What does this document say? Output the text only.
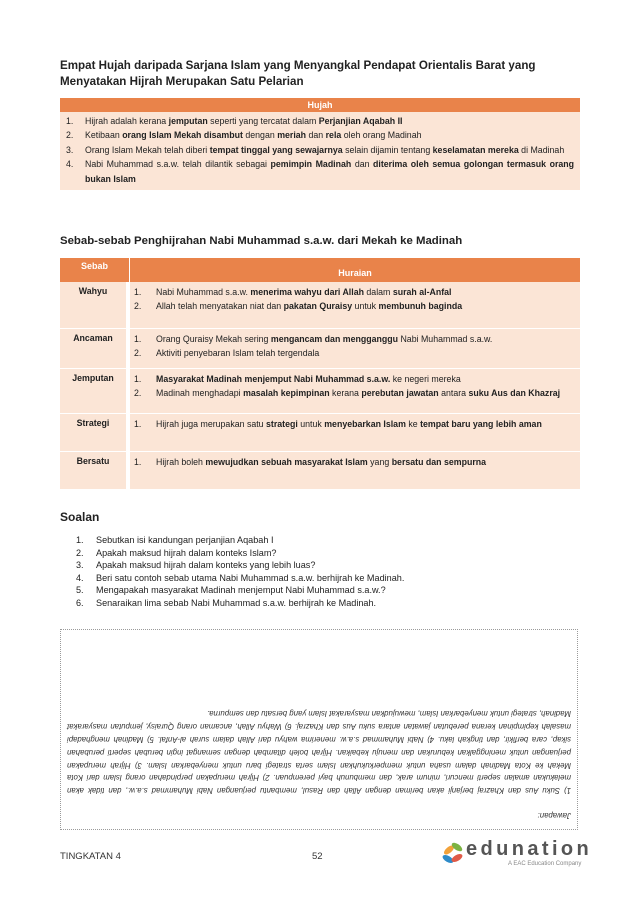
Empat Hujah daripada Sarjana Islam yang Menyangkal Pendapat Orientalis Barat yang Menyatakan Hijrah Merupakan Satu Pelarian
Hujah
1.	Hijrah adalah kerana jemputan seperti yang tercatat dalam Perjanjian Aqabah II
2.	Ketibaan orang Islam Mekah disambut dengan meriah dan rela oleh orang Madinah
3.	Orang Islam Mekah telah diberi tempat tinggal yang sewajarnya selain dijamin tentang keselamatan mereka di Madinah
4.	Nabi Muhammad s.a.w. telah dilantik sebagai pemimpin Madinah dan diterima oleh semua golongan termasuk orang bukan Islam
Sebab-sebab Penghijrahan Nabi Muhammad s.a.w. dari Mekah ke Madinah
Sebab
Huraian
Wahyu	1.	Nabi Muhammad s.a.w. menerima wahyu dari Allah dalam surah al-Anfal
2.	Allah telah menyatakan niat dan pakatan Quraisy untuk membunuh baginda
Ancaman	1.	Orang Quraisy Mekah sering mengancam dan mengganggu Nabi Muhammad s.a.w.
2.	Aktiviti penyebaran Islam telah tergendala
Jemputan	1.	Masyarakat Madinah menjemput Nabi Muhammad s.a.w. ke negeri mereka
2.	Madinah menghadapi masalah kepimpinan kerana perebutan jawatan antara suku Aus dan Khazraj
Strategi	1.	Hijrah juga merupakan satu strategi untuk menyebarkan Islam ke tempat baru yang lebih aman
Bersatu	1.	Hijrah boleh mewujudkan sebuah masyarakat Islam yang bersatu dan sempurna
Soalan
1.	Sebutkan isi kandungan perjanjian Aqabah I
2.	Apakah maksud hijrah dalam konteks Islam?
3.	Apakah maksud hijrah dalam konteks yang lebih luas?
4.	Beri satu contoh sebab utama Nabi Muhammad s.a.w. berhijrah ke Madinah.
5.	Mengapakah masyarakat Madinah menjemput Nabi Muhammad s.a.w.?
6.	Senaraikan lima sebab Nabi Muhammad s.a.w. berhijrah ke Madinah.
Jawapan:
1) Suku Aus dan Khazraj berjanji akan beriman dengan Allah dan Rasul, membantu perjuangan Nabi Muhammad s.a.w., dan tidak akan melakukan amalan seperti mencuri, minum arak, dan membunuh bayi perempuan. 2) Hijrah merupakan perpindahan orang Islam dari Kota Mekah ke Kota Madinah dalam usaha untuk memperkukuhkan Islam serta strategi baru untuk menyebarkan Islam. 3) Hijrah merupakan perjuangan untuk meninggalkan keburukan dan menuju kebaikan. Hijrah boleh ditambah dengan semangat ingin berubah seperti perubahan sikap, cara berfikir, dan tingkah laku. 4) Nabi Muhammad s.a.w. menerima wahyu dari Allah dalam surah al-Anfal. 5) Madinah menghadapi masalah kepimpinan kerana perebutan jawatan antara suku Aus dan Khazraj. 6) Wahyu Allah, ancaman orang Quraisy, jemputan masyarakat Madinah, strategi untuk menyebarkan Islam, mewujudkan masyarakat Islam yang bersatu dan sempurna.
TINGKATAN 4	52	edunation
A EAC Education Company
